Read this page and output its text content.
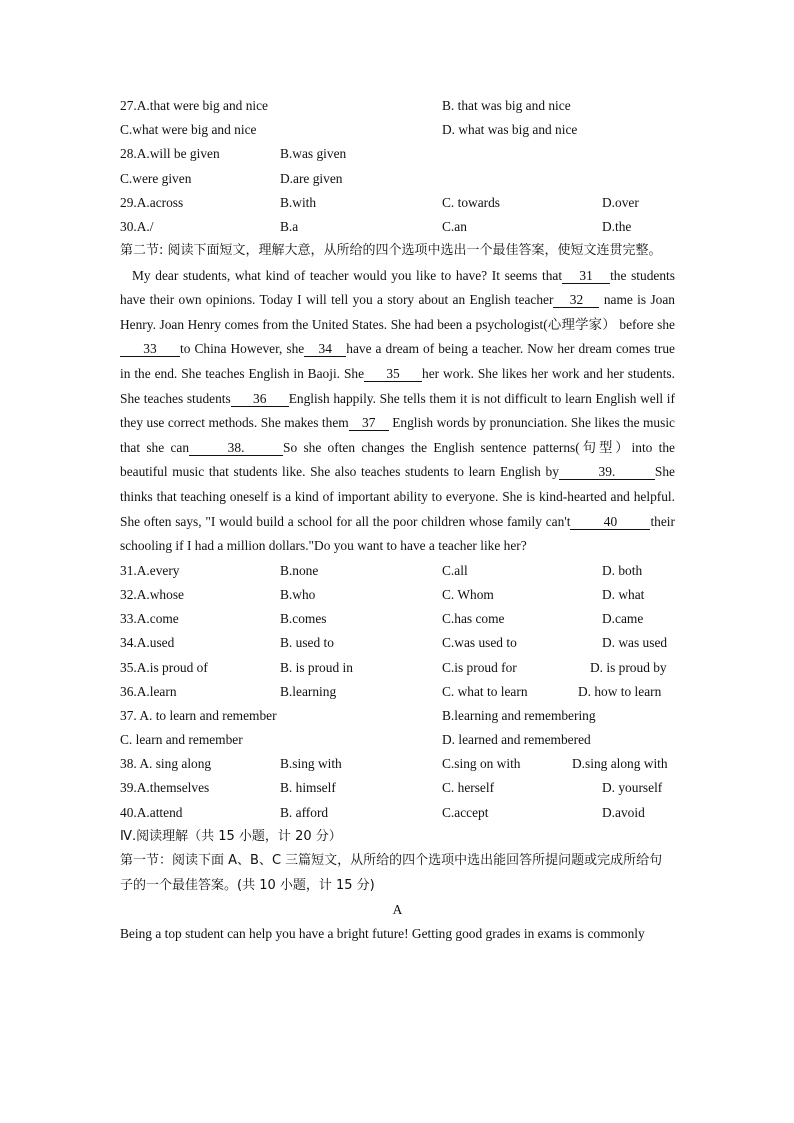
27.A.that were big and nice	B. that was big and nice
C.what were big and nice	D. what was big and nice
28.A.will be given	B.was given
C.were given	D.are given
29.A.across	B.with	C. towards	D.over
30.A./	B.a	C.an	D.the
第二节: 阅读下面短文，理解大意，从所给的四个选项中选出一个最佳答案，使短文连贯完整。

My dear students, what kind of teacher would you like to have? It seems that 31 the students have their own opinions. Today I will tell you a story about an English teacher 32 name is Joan Henry. Joan Henry comes from the United States. She had been a psychologist(心理学家） before she33 to China However, she 34 have a dream of being a teacher. Now her dream comes true in the end. She teaches English in Baoji. She 35 her work. She likes her work and her students. She teaches students 36 English happily. She tells them it is not difficult to learn English well if they use correct methods. She makes them 37 English words by pronunciation. She likes the music that she can	38.	So she often changes the English sentence patterns(句型）into the beautiful music that students like. She also teaches students to learn English by	39.	She thinks that teaching oneself is a kind of important ability to everyone. She is kind-hearted and helpful. She often says, "I would build a school for all the poor children whose family can't 40 their schooling if I had a million dollars."Do you want to have a teacher like her?

31.A.every	B.none	C.all	D. both
32.A.whose	B.who	C. Whom	D. what
33.A.come	B.comes	C.has come	D.came
34.A.used	B. used to	C.was used to	D. was used
35.A.is proud of	B. is proud in	C.is proud for	D. is proud by
36.A.learn	B.learning	C. what to learn	D. how to learn
37. A. to learn and remember	B.learning and remembering
C. learn and remember	D. learned and remembered
38. A. sing along	B.sing with	C.sing on with	D.sing along with
39.A.themselves	B. himself	C. herself	D. yourself
40.A.attend	B. afford	C.accept	D.avoid
Ⅳ.阅读理解（共 15 小题，计 20 分）
第一节：阅读下面 A、B、C 三篇短文，从所给的四个选项中选出能回答所提问题或完成所给句子的一个最佳答案。(共 10 小题，计 15 分)
A
Being a top student can help you have a bright future! Getting good grades in exams is commonly
